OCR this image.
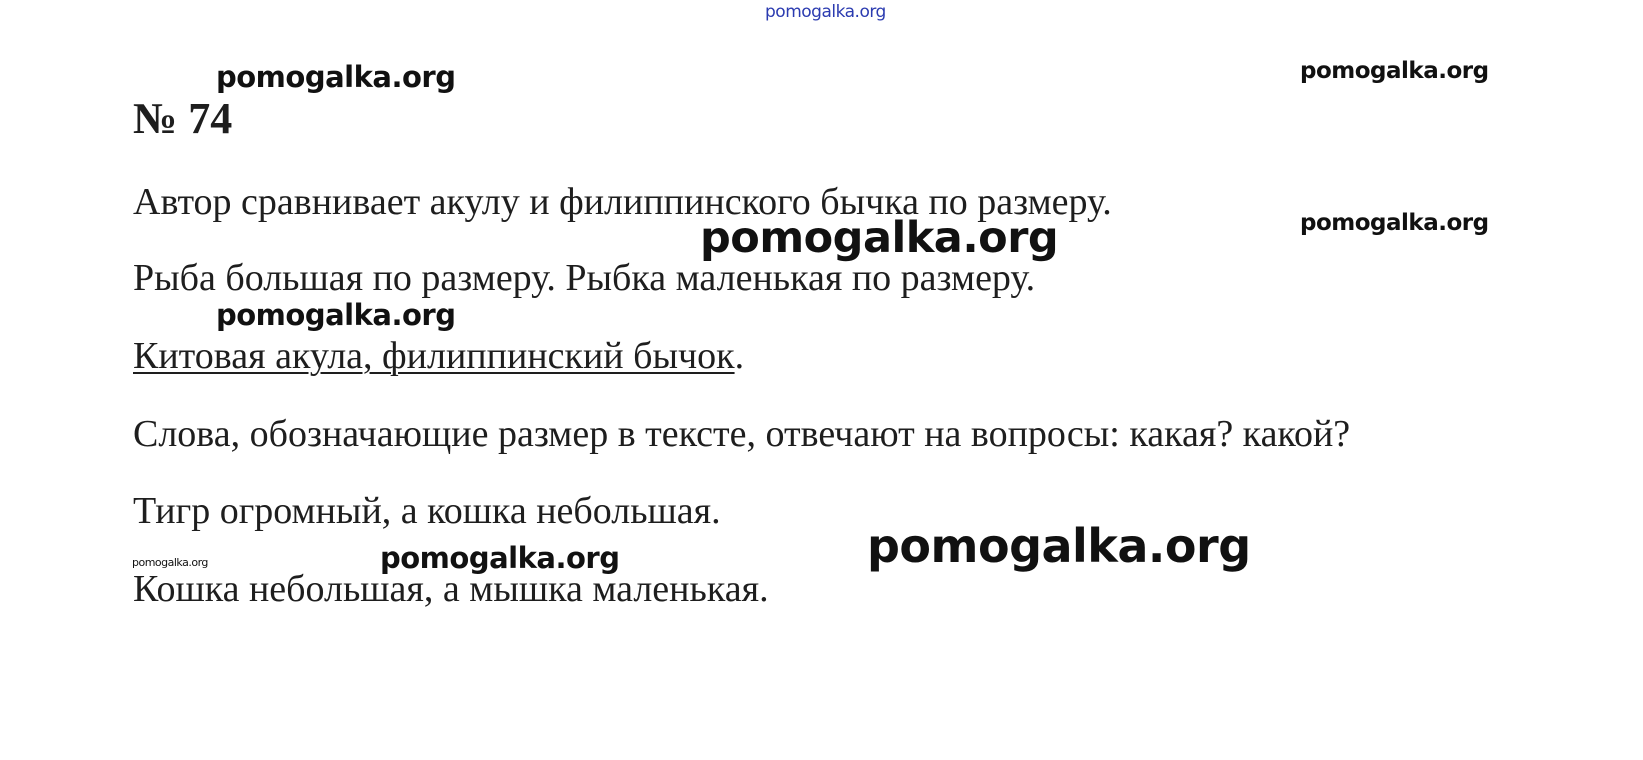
pomogalka.org
№ 74
Автор сравнивает акулу и филиппинского бычка по размеру.
Рыба большая по размеру. Рыбка маленькая по размеру.
Китовая акула, филиппинский бычок.
Слова, обозначающие размер в тексте, отвечают на вопросы: какая? какой?
Тигр огромный, а кошка небольшая.
Кошка небольшая, а мышка маленькая.
pomogalka.org	pomogalka.org
pomogalka.org	pomogalka.org
pomogalka.org
pomogalka.org
pomogalka.org
pomogalka.org
